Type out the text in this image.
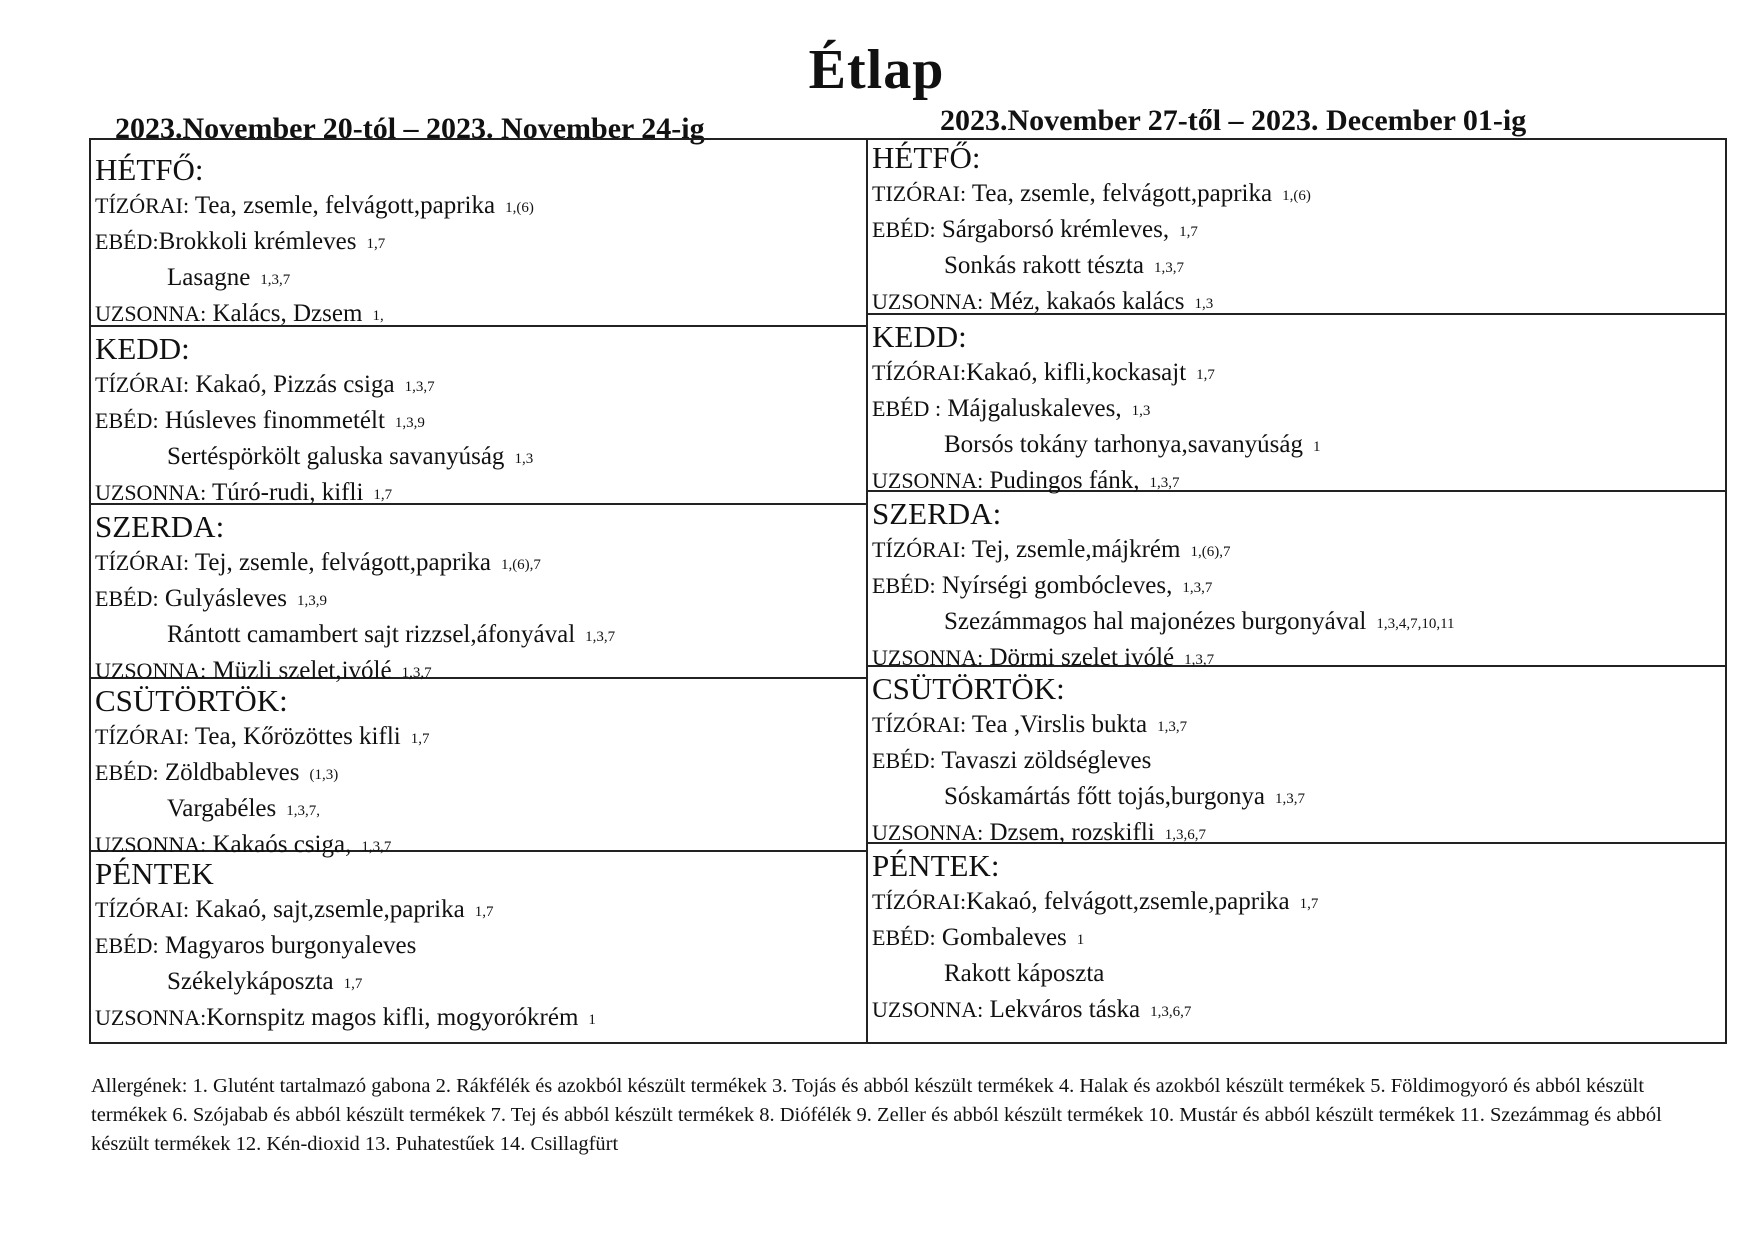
Étlap
2023.November 20-tól – 2023. November 24-ig	2023.November 27-től – 2023. December 01-ig
HÉTFŐ:
TÍZÓRAI: Tea, zsemle, felvágott,paprika 1,(6)
EBÉD:Brokkoli krémleves 1,7
Lasagne 1,3,7
UZSONNA: Kalács, Dzsem 1,
KEDD:
TÍZÓRAI: Kakaó, Pizzás csiga 1,3,7
EBÉD: Húsleves finommetélt 1,3,9
Sertéspörkölt galuska savanyúság 1,3
UZSONNA: Túró-rudi, kifli 1,7
SZERDA:
TÍZÓRAI: Tej, zsemle, felvágott,paprika 1,(6),7
EBÉD: Gulyásleves 1,3,9
Rántott camambert sajt rizzsel,áfonyával 1,3,7
UZSONNA: Müzli szelet,ivólé 1,3,7
CSÜTÖRTÖK:
TÍZÓRAI: Tea, Kőrözöttes kifli 1,7
EBÉD: Zöldbableves (1,3)
Vargabéles 1,3,7,
UZSONNA: Kakaós csiga, 1,3,7
PÉNTEK
TÍZÓRAI: Kakaó, sajt,zsemle,paprika 1,7
EBÉD: Magyaros burgonyaleves
Székelykáposzta 1,7
UZSONNA:Kornspitz magos kifli, mogyorókrém 1
HÉTFŐ:
TIZÓRAI: Tea, zsemle, felvágott,paprika 1,(6)
EBÉD: Sárgaborsó krémleves, 1,7
Sonkás rakott tészta 1,3,7
UZSONNA: Méz, kakaós kalács 1,3
KEDD:
TÍZÓRAI:Kakaó, kifli,kockasajt 1,7
EBÉD : Májgaluskaleves, 1,3
Borsós tokány tarhonya,savanyúság 1
UZSONNA: Pudingos fánk, 1,3,7
SZERDA:
TÍZÓRAI: Tej, zsemle,májkrém 1,(6),7
EBÉD: Nyírségi gombócleves, 1,3,7
Szezámmagos hal majonézes burgonyával 1,3,4,7,10,11
UZSONNA: Dörmi szelet ivólé 1,3,7
CSÜTÖRTÖK:
TÍZÓRAI: Tea ,Virslis bukta 1,3,7
EBÉD: Tavaszi zöldségleves
Sóskamártás főtt tojás,burgonya 1,3,7
UZSONNA: Dzsem, rozskifli 1,3,6,7
PÉNTEK:
TÍZÓRAI:Kakaó, felvágott,zsemle,paprika 1,7
EBÉD: Gombaleves 1
Rakott káposzta
UZSONNA: Lekváros táska 1,3,6,7
Allergének: 1. Glutént tartalmazó gabona 2. Rákfélék és azokból készült termékek 3. Tojás és abból készült termékek 4. Halak és azokból készült termékek 5. Földimogyoró és abból készült termékek 6. Szójabab és abból készült termékek 7. Tej és abból készült termékek 8. Diófélék 9. Zeller és abból készült termékek 10. Mustár és abból készült termékek 11. Szezámmag és abból készült termékek 12. Kén-dioxid 13. Puhatestűek 14. Csillagfürt
